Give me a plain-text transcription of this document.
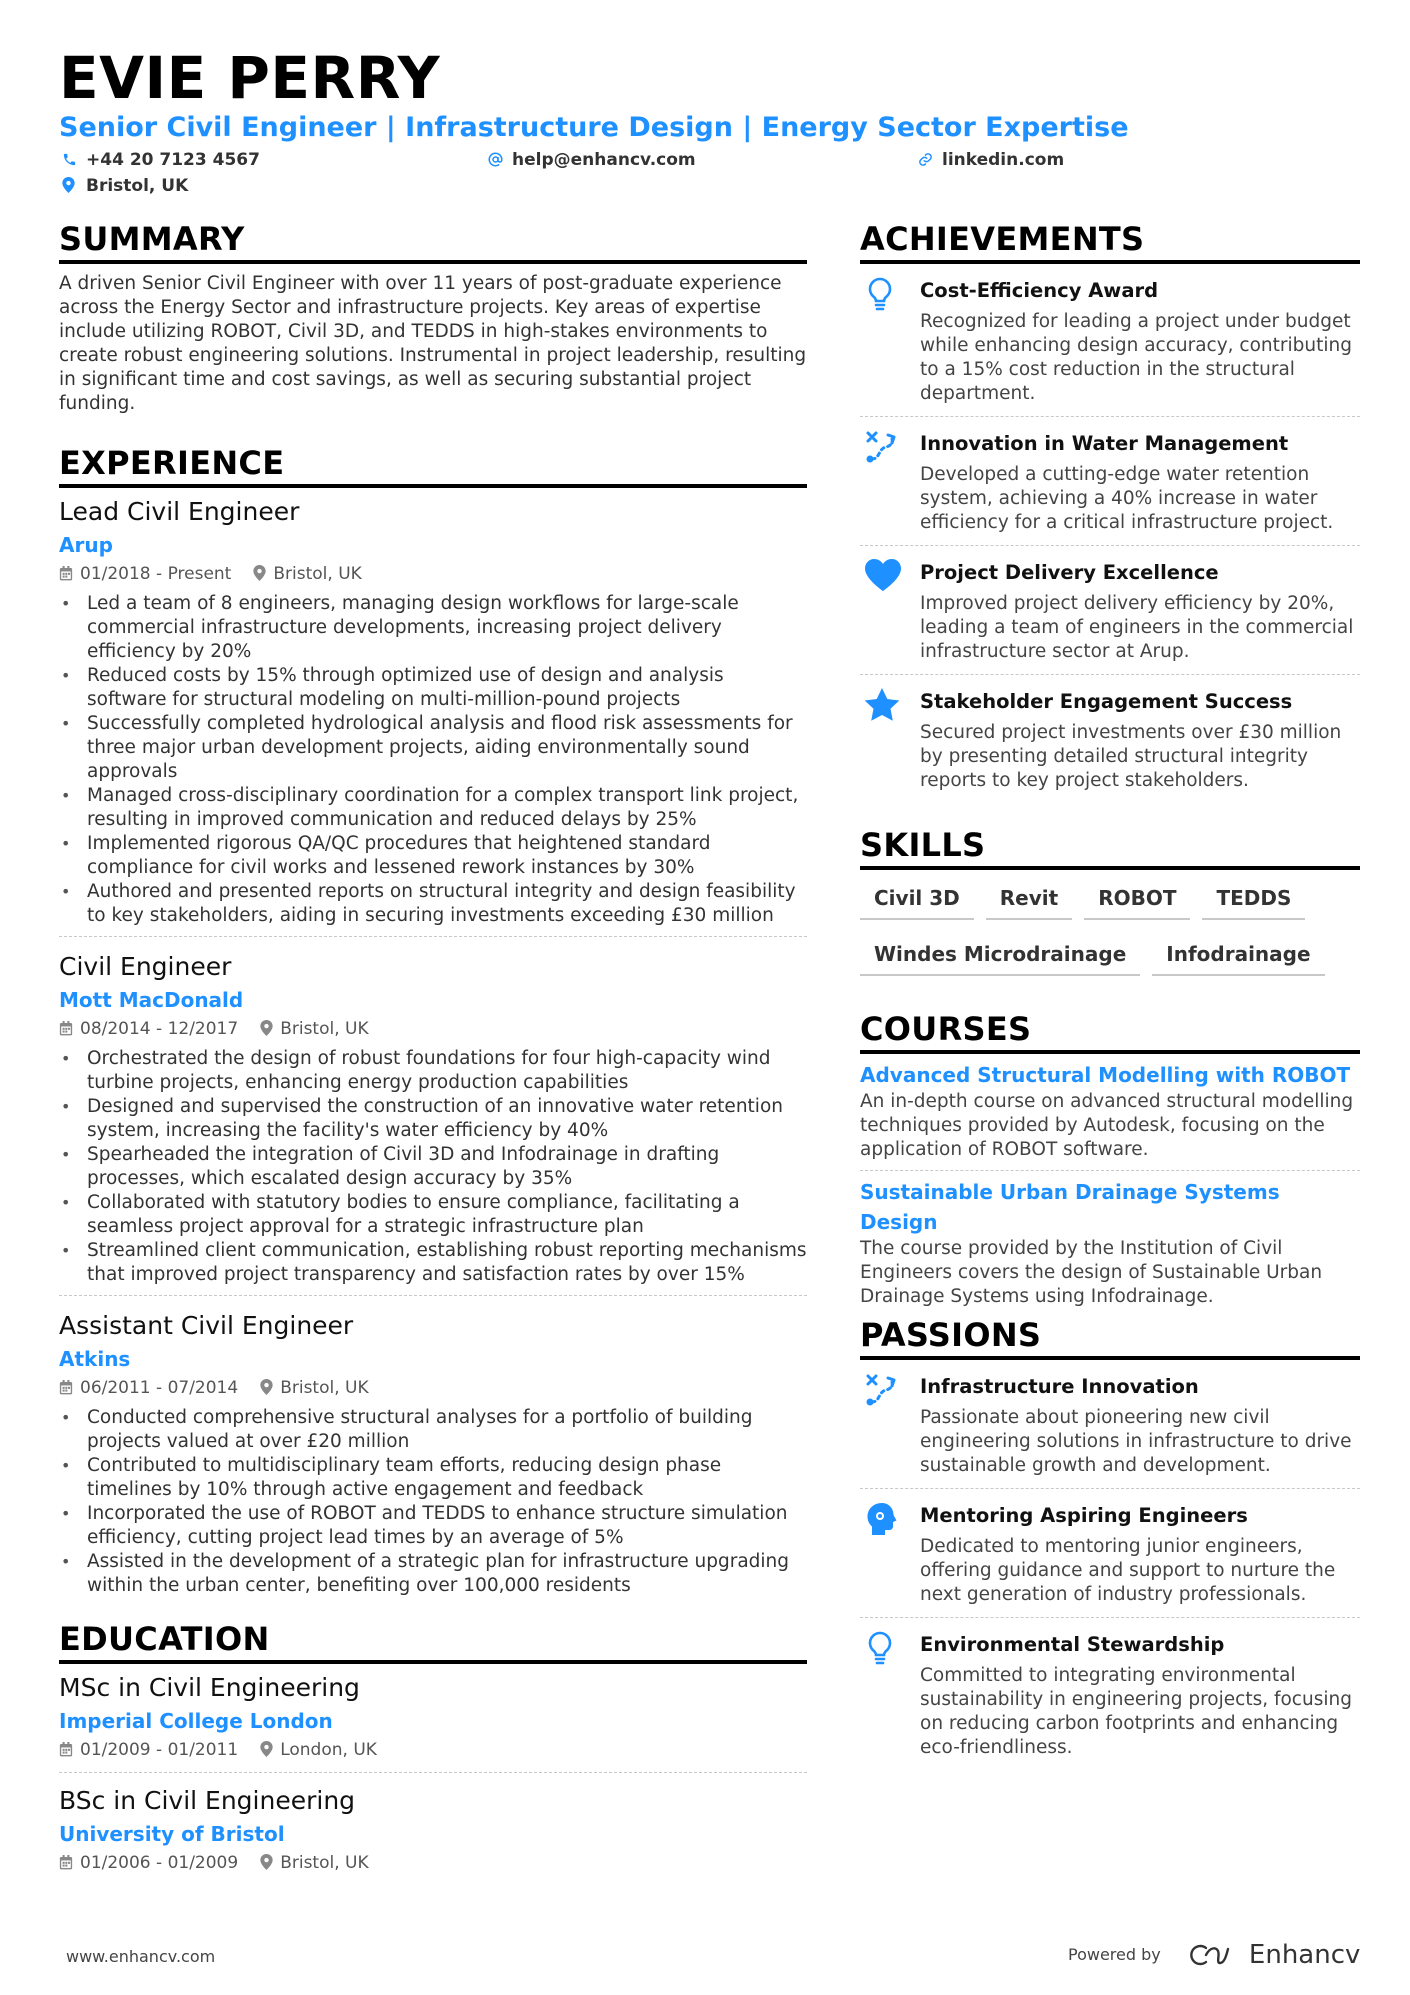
EVIE PERRY
Senior Civil Engineer | Infrastructure Design | Energy Sector Expertise
+44 20 7123 4567	help@enhancv.com	linkedin.com
Bristol, UK
SUMMARY
A driven Senior Civil Engineer with over 11 years of post-graduate experience across the Energy Sector and infrastructure projects. Key areas of expertise include utilizing ROBOT, Civil 3D, and TEDDS in high-stakes environments to create robust engineering solutions. Instrumental in project leadership, resulting in significant time and cost savings, as well as securing substantial project funding.
EXPERIENCE
Lead Civil Engineer
Arup
01/2018 - Present Bristol, UK
• Led a team of 8 engineers, managing design workflows for large-scale commercial infrastructure developments, increasing project delivery efficiency by 20%
• Reduced costs by 15% through optimized use of design and analysis software for structural modeling on multi-million-pound projects
• Successfully completed hydrological analysis and flood risk assessments for three major urban development projects, aiding environmentally sound approvals
• Managed cross-disciplinary coordination for a complex transport link project, resulting in improved communication and reduced delays by 25%
• Implemented rigorous QA/QC procedures that heightened standard compliance for civil works and lessened rework instances by 30%
• Authored and presented reports on structural integrity and design feasibility to key stakeholders, aiding in securing investments exceeding £30 million
Civil Engineer
Mott MacDonald
08/2014 - 12/2017 Bristol, UK
• Orchestrated the design of robust foundations for four high-capacity wind turbine projects, enhancing energy production capabilities
• Designed and supervised the construction of an innovative water retention system, increasing the facility's water efficiency by 40%
• Spearheaded the integration of Civil 3D and Infodrainage in drafting processes, which escalated design accuracy by 35%
• Collaborated with statutory bodies to ensure compliance, facilitating a seamless project approval for a strategic infrastructure plan
• Streamlined client communication, establishing robust reporting mechanisms that improved project transparency and satisfaction rates by over 15%
Assistant Civil Engineer
Atkins
06/2011 - 07/2014 Bristol, UK
• Conducted comprehensive structural analyses for a portfolio of building projects valued at over £20 million
• Contributed to multidisciplinary team efforts, reducing design phase timelines by 10% through active engagement and feedback
• Incorporated the use of ROBOT and TEDDS to enhance structure simulation efficiency, cutting project lead times by an average of 5%
• Assisted in the development of a strategic plan for infrastructure upgrading within the urban center, benefiting over 100,000 residents
EDUCATION
MSc in Civil Engineering
Imperial College London
01/2009 - 01/2011 London, UK
BSc in Civil Engineering
University of Bristol
01/2006 - 01/2009 Bristol, UK
ACHIEVEMENTS
Cost-Efficiency Award
Recognized for leading a project under budget while enhancing design accuracy, contributing to a 15% cost reduction in the structural department.
Innovation in Water Management
Developed a cutting-edge water retention system, achieving a 40% increase in water efficiency for a critical infrastructure project.
Project Delivery Excellence
Improved project delivery efficiency by 20%, leading a team of engineers in the commercial infrastructure sector at Arup.
Stakeholder Engagement Success
Secured project investments over £30 million by presenting detailed structural integrity reports to key project stakeholders.
SKILLS
Civil 3D Revit ROBOT TEDDS
Windes Microdrainage Infodrainage
COURSES
Advanced Structural Modelling with ROBOT
An in-depth course on advanced structural modelling techniques provided by Autodesk, focusing on the application of ROBOT software.
Sustainable Urban Drainage Systems Design
The course provided by the Institution of Civil Engineers covers the design of Sustainable Urban Drainage Systems using Infodrainage.
PASSIONS
Infrastructure Innovation
Passionate about pioneering new civil engineering solutions in infrastructure to drive sustainable growth and development.
Mentoring Aspiring Engineers
Dedicated to mentoring junior engineers, offering guidance and support to nurture the next generation of industry professionals.
Environmental Stewardship
Committed to integrating environmental sustainability in engineering projects, focusing on reducing carbon footprints and enhancing eco-friendliness.
www.enhancv.com	Powered by	Enhancv
